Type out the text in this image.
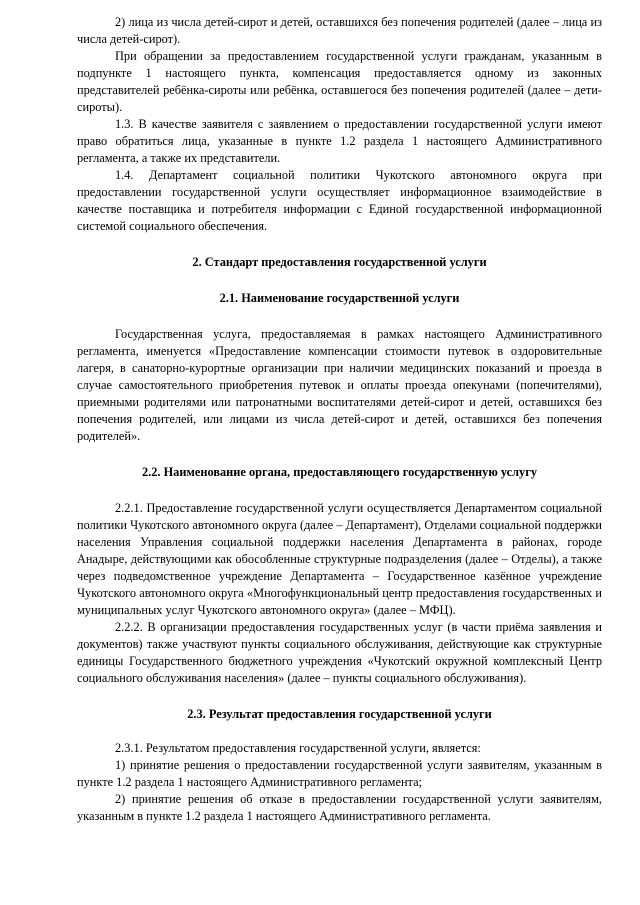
2) лица из числа детей-сирот и детей, оставшихся без попечения родителей (далее – лица из числа детей-сирот).

При обращении за предоставлением государственной услуги гражданам, указанным в подпункте 1 настоящего пункта, компенсация предоставляется одному из законных представителей ребёнка-сироты или ребёнка, оставшегося без попечения родителей (далее – дети-сироты).

1.3. В качестве заявителя с заявлением о предоставлении государственной услуги имеют право обратиться лица, указанные в пункте 1.2 раздела 1 настоящего Административного регламента, а также их представители.

1.4. Департамент социальной политики Чукотского автономного округа при предоставлении государственной услуги осуществляет информационное взаимодействие в качестве поставщика и потребителя информации с Единой государственной информационной системой социального обеспечения.

2. Стандарт предоставления государственной услуги

2.1. Наименование государственной услуги

Государственная услуга, предоставляемая в рамках настоящего Административного регламента, именуется «Предоставление компенсации стоимости путевок в оздоровительные лагеря, в санаторно-курортные организации при наличии медицинских показаний и проезда в случае самостоятельного приобретения путевок и оплаты проезда опекунами (попечителями), приемными родителями или патронатными воспитателями детей-сирот и детей, оставшихся без попечения родителей, или лицами из числа детей-сирот и детей, оставшихся без попечения родителей».

2.2. Наименование органа, предоставляющего государственную услугу

2.2.1. Предоставление государственной услуги осуществляется Департаментом социальной политики Чукотского автономного округа (далее – Департамент), Отделами социальной поддержки населения Управления социальной поддержки населения Департамента в районах, городе Анадыре, действующими как обособленные структурные подразделения (далее – Отделы), а также через подведомственное учреждение Департамента – Государственное казённое учреждение Чукотского автономного округа «Многофункциональный центр предоставления государственных и муниципальных услуг Чукотского автономного округа» (далее – МФЦ).

2.2.2. В организации предоставления государственных услуг (в части приёма заявления и документов) также участвуют пункты социального обслуживания, действующие как структурные единицы Государственного бюджетного учреждения «Чукотский окружной комплексный Центр социального обслуживания населения» (далее – пункты социального обслуживания).

2.3. Результат предоставления государственной услуги

2.3.1. Результатом предоставления государственной услуги, является:

1) принятие решения о предоставлении государственной услуги заявителям, указанным в пункте 1.2 раздела 1 настоящего Административного регламента;

2) принятие решения об отказе в предоставлении государственной услуги заявителям, указанным в пункте 1.2 раздела 1 настоящего Административного регламента.
